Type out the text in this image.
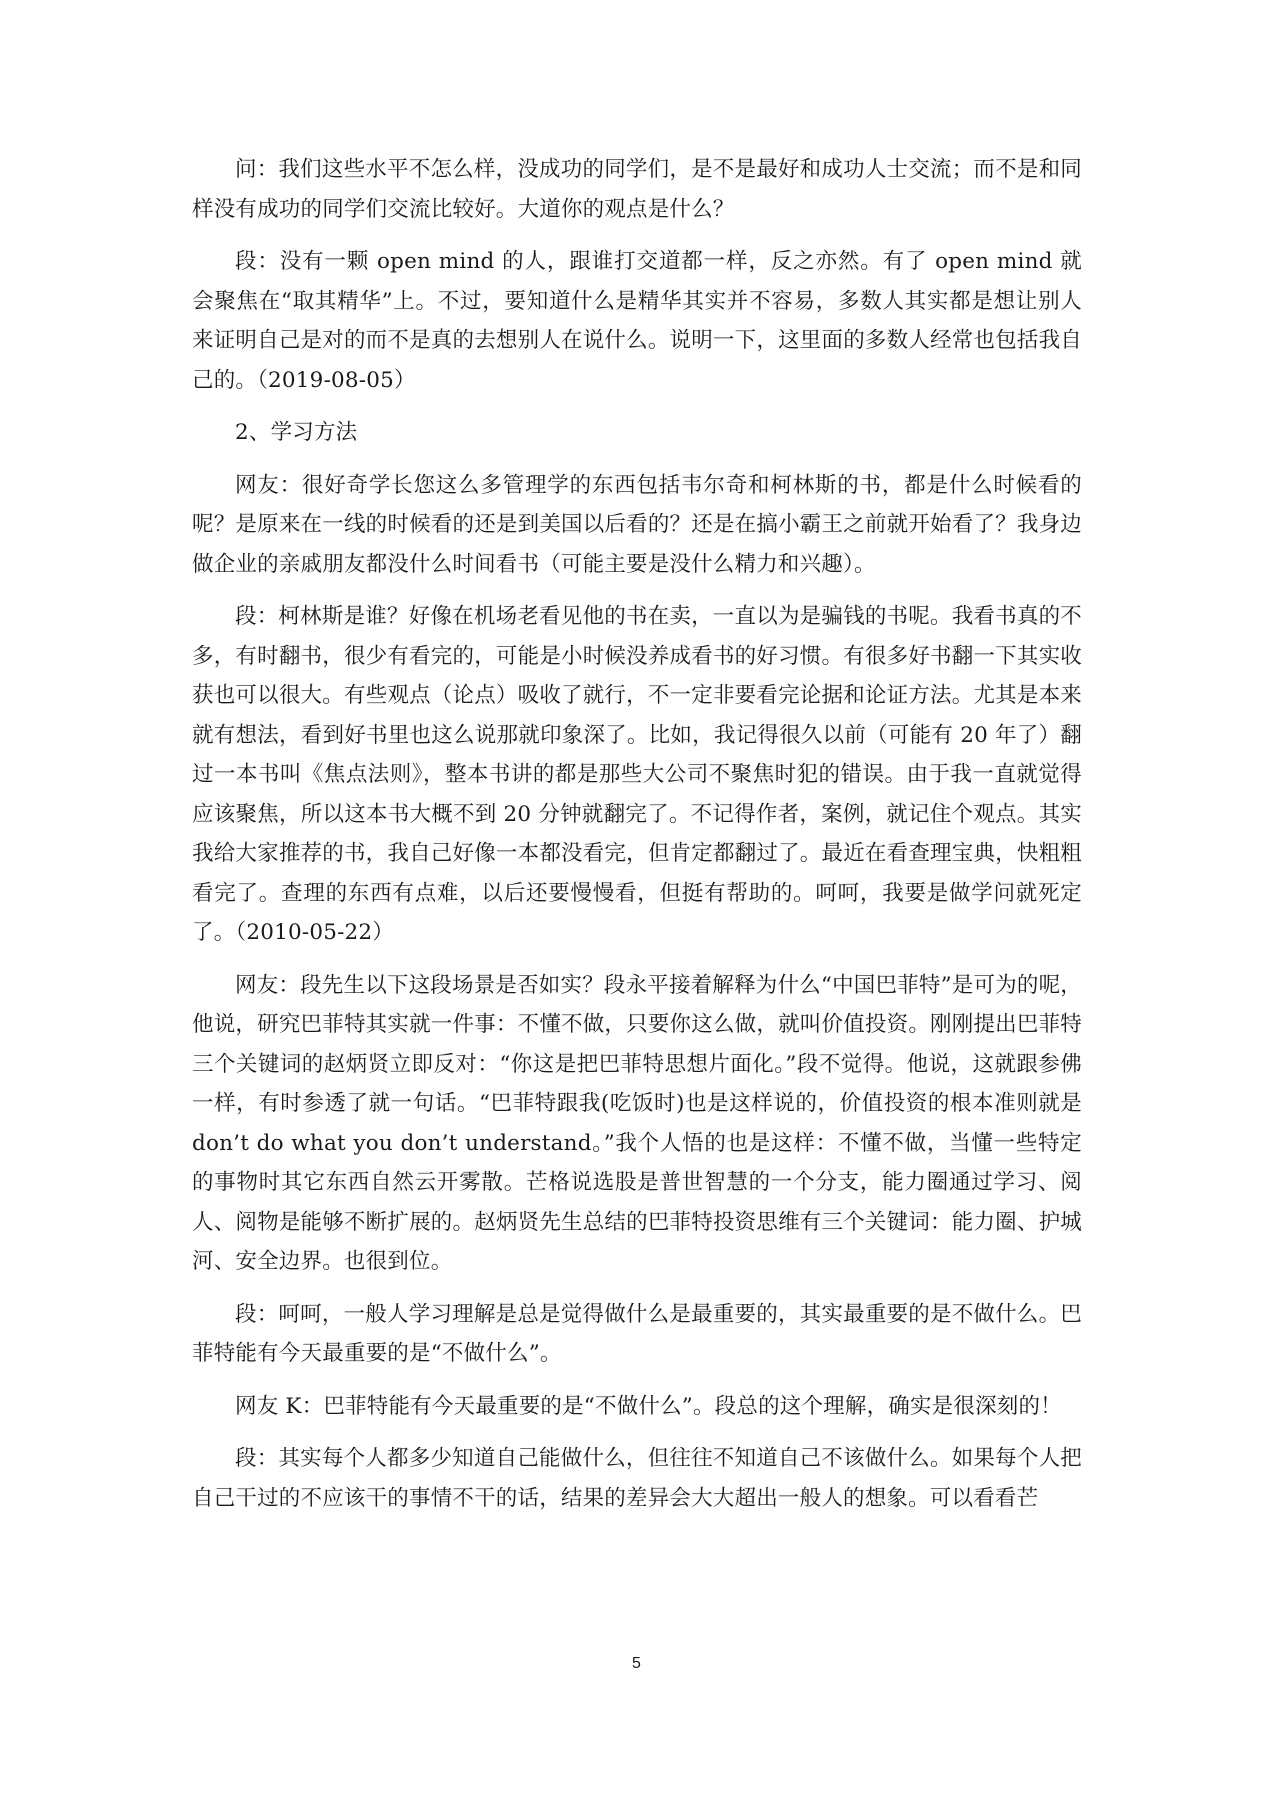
问：我们这些水平不怎么样，没成功的同学们，是不是最好和成功人士交流；而不是和同样没有成功的同学们交流比较好。大道你的观点是什么？

段：没有一颗 open mind 的人，跟谁打交道都一样，反之亦然。有了 open mind 就会聚焦在“取其精华”上。不过，要知道什么是精华其实并不容易，多数人其实都是想让别人来证明自己是对的而不是真的去想别人在说什么。说明一下，这里面的多数人经常也包括我自己的。（2019-08-05）

2、学习方法

网友：很好奇学长您这么多管理学的东西包括韦尔奇和柯林斯的书，都是什么时候看的呢？是原来在一线的时候看的还是到美国以后看的？还是在搞小霸王之前就开始看了？我身边做企业的亲戚朋友都没什么时间看书（可能主要是没什么精力和兴趣）。

段：柯林斯是谁？好像在机场老看见他的书在卖，一直以为是骗钱的书呢。我看书真的不多，有时翻书，很少有看完的，可能是小时候没养成看书的好习惯。有很多好书翻一下其实收获也可以很大。有些观点（论点）吸收了就行，不一定非要看完论据和论证方法。尤其是本来就有想法，看到好书里也这么说那就印象深了。比如，我记得很久以前（可能有 20 年了）翻过一本书叫《焦点法则》，整本书讲的都是那些大公司不聚焦时犯的错误。由于我一直就觉得应该聚焦，所以这本书大概不到 20 分钟就翻完了。不记得作者，案例，就记住个观点。其实我给大家推荐的书，我自己好像一本都没看完，但肯定都翻过了。最近在看查理宝典，快粗粗看完了。查理的东西有点难，以后还要慢慢看，但挺有帮助的。呵呵，我要是做学问就死定了。（2010-05-22）

网友：段先生以下这段场景是否如实？段永平接着解释为什么“中国巴菲特”是可为的呢，他说，研究巴菲特其实就一件事：不懂不做，只要你这么做，就叫价值投资。刚刚提出巴菲特三个关键词的赵炳贤立即反对：“你这是把巴菲特思想片面化。”段不觉得。他说，这就跟参佛一样，有时参透了就一句话。“巴菲特跟我(吃饭时)也是这样说的，价值投资的根本准则就是 don’t do what you don’t understand。”我个人悟的也是这样：不懂不做，当懂一些特定的事物时其它东西自然云开雾散。芒格说选股是普世智慧的一个分支，能力圈通过学习、阅人、阅物是能够不断扩展的。赵炳贤先生总结的巴菲特投资思维有三个关键词：能力圈、护城河、安全边界。也很到位。

段：呵呵，一般人学习理解是总是觉得做什么是最重要的，其实最重要的是不做什么。巴菲特能有今天最重要的是“不做什么”。

网友 K：巴菲特能有今天最重要的是“不做什么”。段总的这个理解，确实是很深刻的！

段：其实每个人都多少知道自己能做什么，但往往不知道自己不该做什么。如果每个人把自己干过的不应该干的事情不干的话，结果的差异会大大超出一般人的想象。可以看看芒

5
